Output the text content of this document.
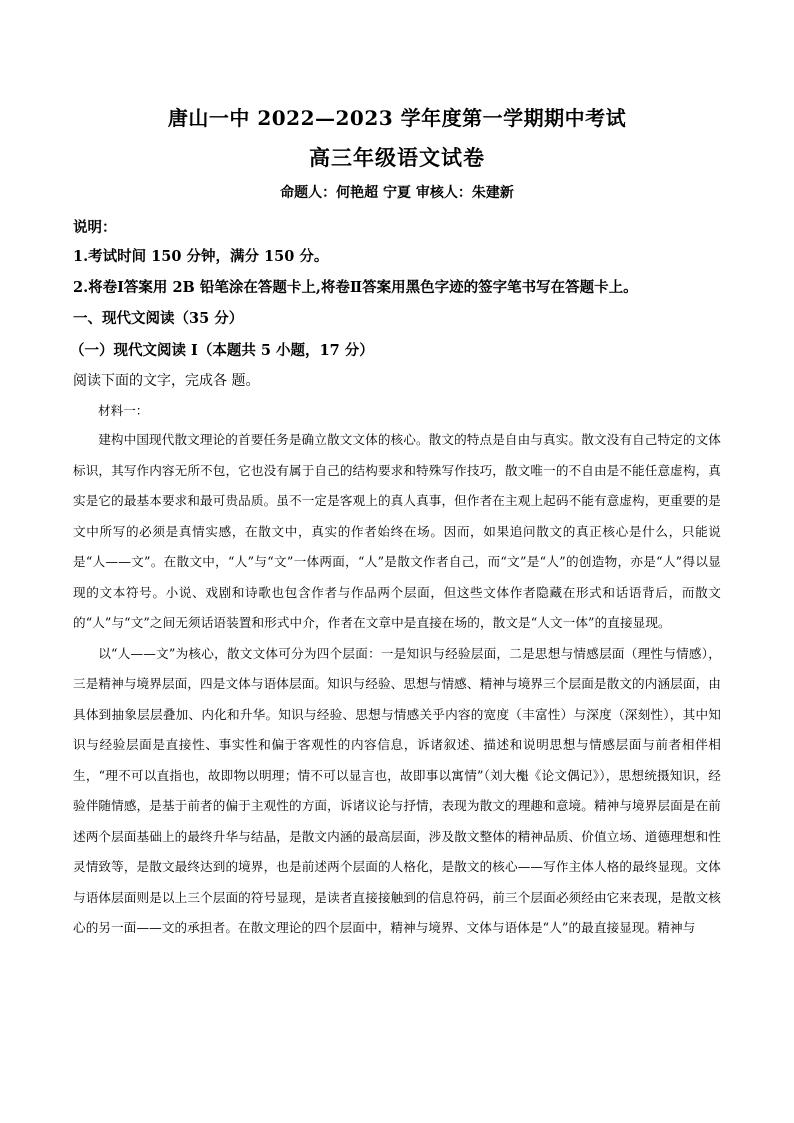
唐山一中 2022—2023 学年度第一学期期中考试
高三年级语文试卷
命题人：何艳超 宁夏 审核人：朱建新
说明：
1.考试时间 150 分钟，满分 150 分。
2.将卷Ⅰ答案用 2B 铅笔涂在答题卡上,将卷Ⅱ答案用黑色字迹的签字笔书写在答题卡上。
一、现代文阅读（35 分）
（一）现代文阅读 I（本题共 5 小题，17 分）
阅读下面的文字，完成各 题。
材料一：

建构中国现代散文理论的首要任务是确立散文文体的核心。散文的特点是自由与真实。散文没有自己特定的文体标识，其写作内容无所不包，它也没有属于自己的结构要求和特殊写作技巧，散文唯一的不自由是不能任意虚构，真实是它的最基本要求和最可贵品质。虽不一定是客观上的真人真事，但作者在主观上起码不能有意虚构，更重要的是文中所写的必须是真情实感，在散文中，真实的作者始终在场。因而，如果追问散文的真正核心是什么，只能说是“人——文”。在散文中，“人”与“文”一体两面，“人”是散文作者自己，而“文”是“人”的创造物，亦是“人”得以显现的文本符号。小说、戏剧和诗歌也包含作者与作品两个层面，但这些文体作者隐藏在形式和话语背后，而散文的“人”与“文”之间无须话语装置和形式中介，作者在文章中是直接在场的，散文是“人文一体”的直接显现。

以“人——文”为核心，散文文体可分为四个层面：一是知识与经验层面，二是思想与情感层面（理性与情感），三是精神与境界层面，四是文体与语体层面。知识与经验、思想与情感、精神与境界三个层面是散文的内涵层面，由具体到抽象层层叠加、内化和升华。知识与经验、思想与情感关乎内容的宽度（丰富性）与深度（深刻性），其中知识与经验层面是直接性、事实性和偏于客观性的内容信息，诉诸叙述、描述和说明思想与情感层面与前者相伴相生，“理不可以直指也，故即物以明理；情不可以显言也，故即事以寓情”（刘大櫆《论文偶记》），思想统摄知识，经验伴随情感，是基于前者的偏于主观性的方面，诉诸议论与抒情，表现为散文的理趣和意境。精神与境界层面是在前述两个层面基础上的最终升华与结晶，是散文内涵的最高层面，涉及散文整体的精神品质、价值立场、道德理想和性灵情致等，是散文最终达到的境界，也是前述两个层面的人格化，是散文的核心——写作主体人格的最终显现。文体与语体层面则是以上三个层面的符号显现，是读者直接接触到的信息符码，前三个层面必须经由它来表现，是散文核心的另一面——文的承担者。在散文理论的四个层面中，精神与境界、文体与语体是“人”的最直接显现。精神与
